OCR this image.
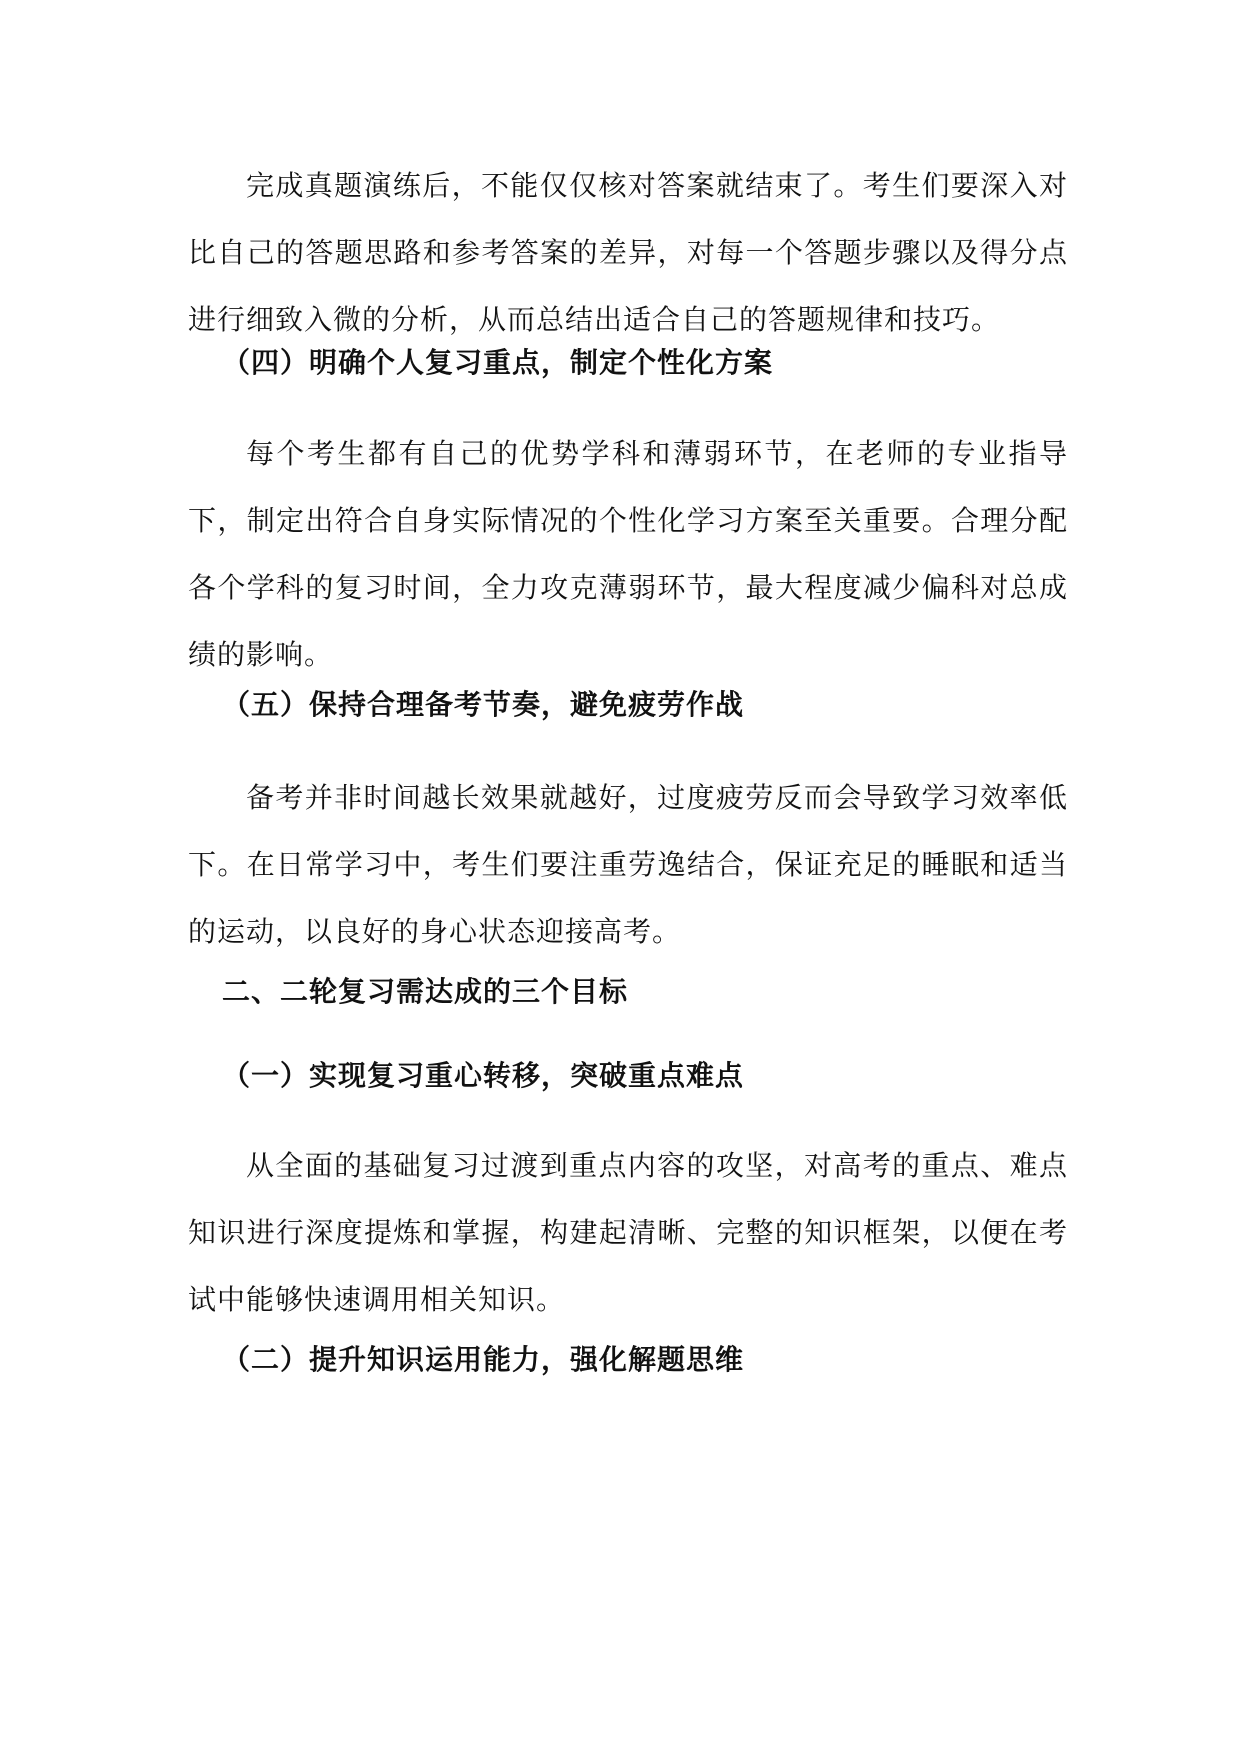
完成真题演练后，不能仅仅核对答案就结束了。考生们要深入对比自己的答题思路和参考答案的差异，对每一个答题步骤以及得分点进行细致入微的分析，从而总结出适合自己的答题规律和技巧。

（四）明确个人复习重点，制定个性化方案

每个考生都有自己的优势学科和薄弱环节，在老师的专业指导下，制定出符合自身实际情况的个性化学习方案至关重要。合理分配各个学科的复习时间，全力攻克薄弱环节，最大程度减少偏科对总成绩的影响。

（五）保持合理备考节奏，避免疲劳作战

备考并非时间越长效果就越好，过度疲劳反而会导致学习效率低下。在日常学习中，考生们要注重劳逸结合，保证充足的睡眠和适当的运动，以良好的身心状态迎接高考。

二、二轮复习需达成的三个目标
（一）实现复习重心转移，突破重点难点

从全面的基础复习过渡到重点内容的攻坚，对高考的重点、难点知识进行深度提炼和掌握，构建起清晰、完整的知识框架，以便在考试中能够快速调用相关知识。

（二）提升知识运用能力，强化解题思维
